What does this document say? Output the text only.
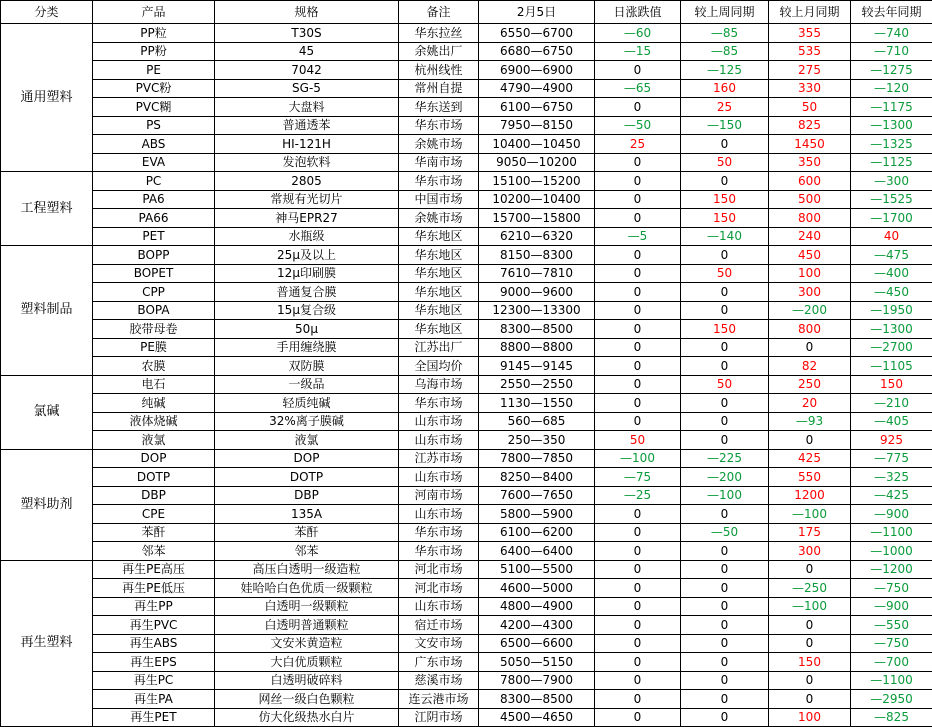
分类	产品	规格	备注	2月5日	日涨跌值	较上周同期	较上月同期	较去年同期
通用塑料	PP粒	T30S	华东拉丝	6550—6700	—60	—85	355	—740
	PP粉	45	余姚出厂	6680—6750	—15	—85	535	—710
	PE	7042	杭州线性	6900—6900	0	—125	275	—1275
	PVC粉	SG-5	常州自提	4790—4900	—65	160	330	—120
	PVC糊	大盘料	华东送到	6100—6750	0	25	50	—1175
	PS	普通透苯	华东市场	7950—8150	—50	—150	825	—1300
	ABS	HI-121H	余姚市场	10400—10450	25	0	1450	—1325
	EVA	发泡软料	华南市场	9050—10200	0	50	350	—1125
工程塑料	PC	2805	华东市场	15100—15200	0	0	600	—300
	PA6	常规有光切片	中国市场	10200—10400	0	150	500	—1525
	PA66	神马EPR27	余姚市场	15700—15800	0	150	800	—1700
	PET	水瓶级	华东地区	6210—6320	—5	—140	240	40
塑料制品	BOPP	25μ及以上	华东地区	8150—8300	0	0	450	—475
	BOPET	12μ印刷膜	华东地区	7610—7810	0	50	100	—400
	CPP	普通复合膜	华东地区	9000—9600	0	0	300	—450
	BOPA	15μ复合级	华东地区	12300—13300	0	0	—200	—1950
	胶带母卷	50μ	华东地区	8300—8500	0	150	800	—1300
	PE膜	手用缠绕膜	江苏出厂	8800—8800	0	0	0	—2700
	农膜	双防膜	全国均价	9145—9145	0	0	82	—1105
氯碱	电石	一级品	乌海市场	2550—2550	0	50	250	150
	纯碱	轻质纯碱	华东市场	1130—1550	0	0	20	—210
	液体烧碱	32%离子膜碱	山东市场	560—685	0	0	—93	—405
	液氯	液氯	山东市场	250—350	50	0	0	925
塑料助剂	DOP	DOP	江苏市场	7800—7850	—100	—225	425	—775
	DOTP	DOTP	山东市场	8250—8400	—75	—200	550	—325
	DBP	DBP	河南市场	7600—7650	—25	—100	1200	—425
	CPE	135A	山东市场	5800—5900	0	0	—100	—900
	苯酐	苯酐	华东市场	6100—6200	0	—50	175	—1100
	邻苯	邻苯	华东市场	6400—6400	0	0	300	—1000
再生塑料	再生PE高压	高压白透明一级造粒	河北市场	5100—5500	0	0	0	—1200
	再生PE低压	娃哈哈白色优质一级颗粒	河北市场	4600—5000	0	0	—250	—750
	再生PP	白透明一级颗粒	山东市场	4800—4900	0	0	—100	—900
	再生PVC	白透明普通颗粒	宿迁市场	4200—4300	0	0	0	—550
	再生ABS	文安米黄造粒	文安市场	6500—6600	0	0	0	—750
	再生EPS	大白优质颗粒	广东市场	5050—5150	0	0	150	—700
	再生PC	白透明破碎料	慈溪市场	7800—7900	0	0	0	—1100
	再生PA	网丝一级白色颗粒	连云港市场	8300—8500	0	0	0	—2950
	再生PET	仿大化级热水白片	江阴市场	4500—4650	0	0	100	—825
